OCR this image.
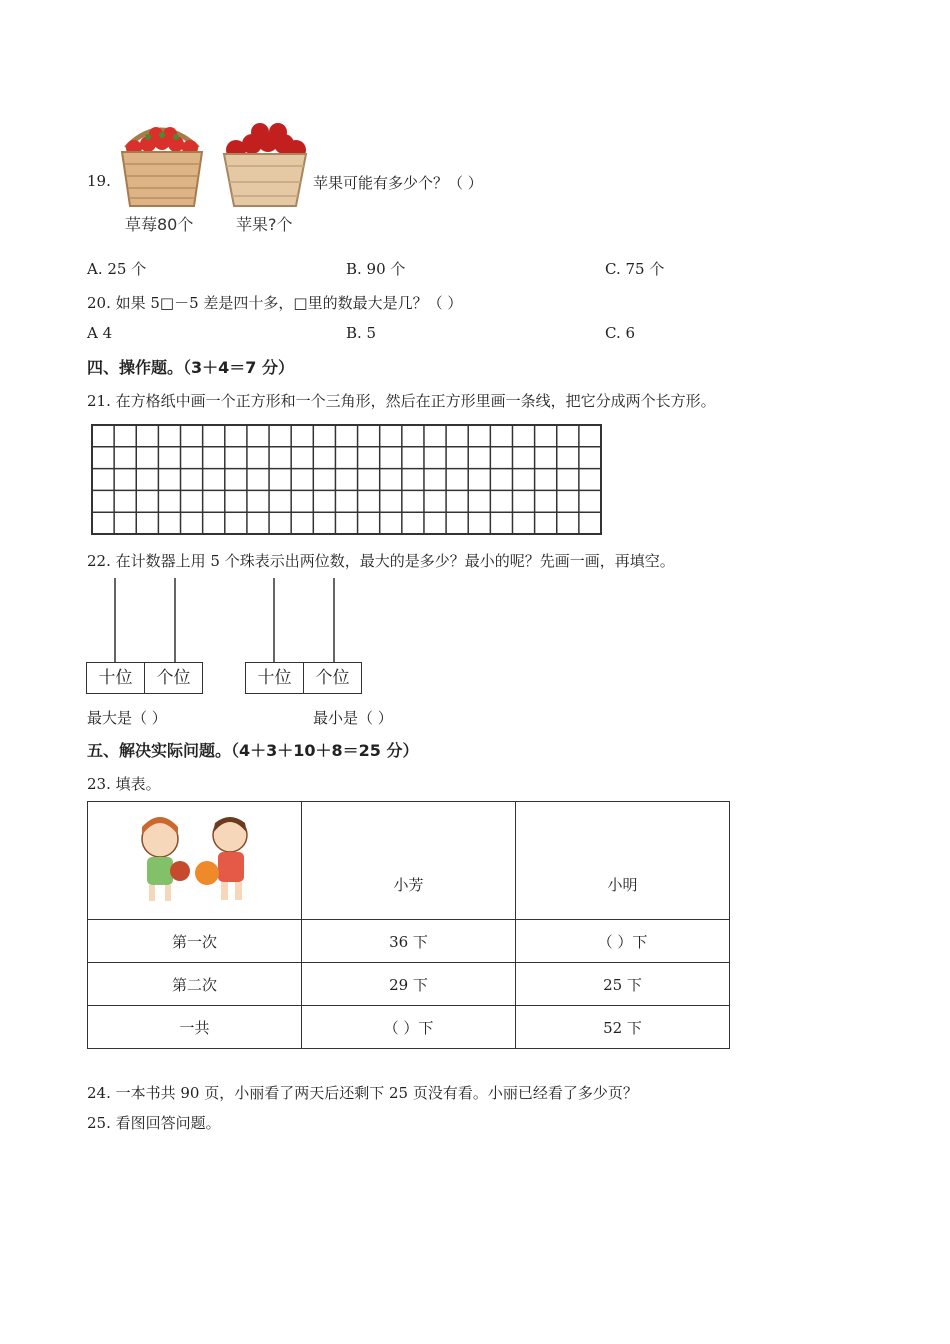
19.
草莓80个	苹果?个
苹果可能有多少个？（ ）
A. 25 个	B. 90 个	C. 75 个
20. 如果 5□－5 差是四十多，□里的数最大是几？（ ）
A 4	B. 5	C. 6
四、操作题。（3＋4＝7 分）
21. 在方格纸中画一个正方形和一个三角形，然后在正方形里画一条线，把它分成两个长方形。
22. 在计数器上用 5 个珠表示出两位数，最大的是多少？最小的呢？先画一画，再填空。
十位	个位	十位	个位
最大是（ ）	最小是（ ）
五、解决实际问题。（4＋3＋10＋8＝25 分）
23. 填表。
	小芳	小明
第一次	36 下	（ ）下
第二次	29 下	25 下
一共	（ ）下	52 下
24. 一本书共 90 页，小丽看了两天后还剩下 25 页没有看。小丽已经看了多少页？
25. 看图回答问题。
